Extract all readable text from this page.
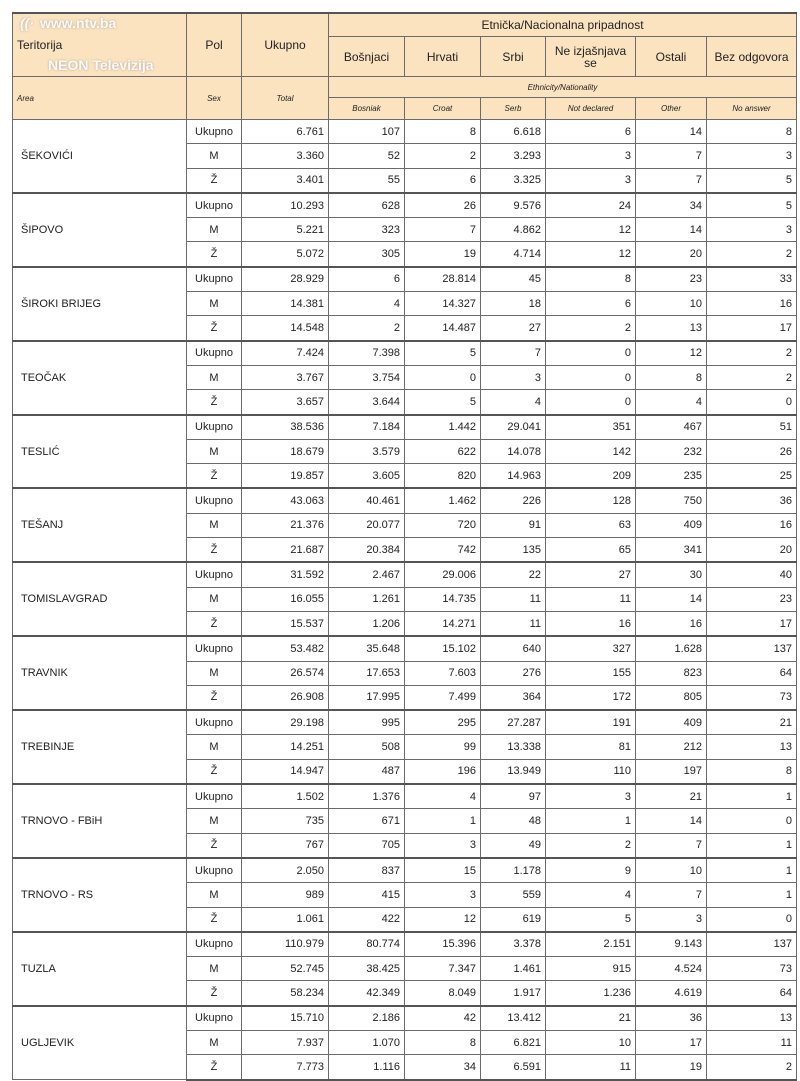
Teritorija	Pol	Ukupno	Etnička/Nacionalna pripadnost					
			Bošnjaci	Hrvati	Srbi	Ne izjašnjava se	Ostali	Bez odgovora
Area	Sex	Total	Ethnicity/Nationality					
			Bosniak	Croat	Serb	Not declared	Other	No answer
ŠEKOVIĆI	Ukupno	6.761	107	8	6.618	6	14	8
	M	3.360	52	2	3.293	3	7	3
	Ž	3.401	55	6	3.325	3	7	5
ŠIPOVO	Ukupno	10.293	628	26	9.576	24	34	5
	M	5.221	323	7	4.862	12	14	3
	Ž	5.072	305	19	4.714	12	20	2
ŠIROKI BRIJEG	Ukupno	28.929	6	28.814	45	8	23	33
	M	14.381	4	14.327	18	6	10	16
	Ž	14.548	2	14.487	27	2	13	17
TEOČAK	Ukupno	7.424	7.398	5	7	0	12	2
	M	3.767	3.754	0	3	0	8	2
	Ž	3.657	3.644	5	4	0	4	0
TESLIĆ	Ukupno	38.536	7.184	1.442	29.041	351	467	51
	M	18.679	3.579	622	14.078	142	232	26
	Ž	19.857	3.605	820	14.963	209	235	25
TEŠANJ	Ukupno	43.063	40.461	1.462	226	128	750	36
	M	21.376	20.077	720	91	63	409	16
	Ž	21.687	20.384	742	135	65	341	20
TOMISLAVGRAD	Ukupno	31.592	2.467	29.006	22	27	30	40
	M	16.055	1.261	14.735	11	11	14	23
	Ž	15.537	1.206	14.271	11	16	16	17
TRAVNIK	Ukupno	53.482	35.648	15.102	640	327	1.628	137
	M	26.574	17.653	7.603	276	155	823	64
	Ž	26.908	17.995	7.499	364	172	805	73
TREBINJE	Ukupno	29.198	995	295	27.287	191	409	21
	M	14.251	508	99	13.338	81	212	13
	Ž	14.947	487	196	13.949	110	197	8
TRNOVO - FBiH	Ukupno	1.502	1.376	4	97	3	21	1
	M	735	671	1	48	1	14	0
	Ž	767	705	3	49	2	7	1
TRNOVO - RS	Ukupno	2.050	837	15	1.178	9	10	1
	M	989	415	3	559	4	7	1
	Ž	1.061	422	12	619	5	3	0
TUZLA	Ukupno	110.979	80.774	15.396	3.378	2.151	9.143	137
	M	52.745	38.425	7.347	1.461	915	4.524	73
	Ž	58.234	42.349	8.049	1.917	1.236	4.619	64
UGLJEVIK	Ukupno	15.710	2.186	42	13.412	21	36	13
	M	7.937	1.070	8	6.821	10	17	11
	Ž	7.773	1.116	34	6.591	11	19	2
((· www.ntv.ba
NEON Televizija
